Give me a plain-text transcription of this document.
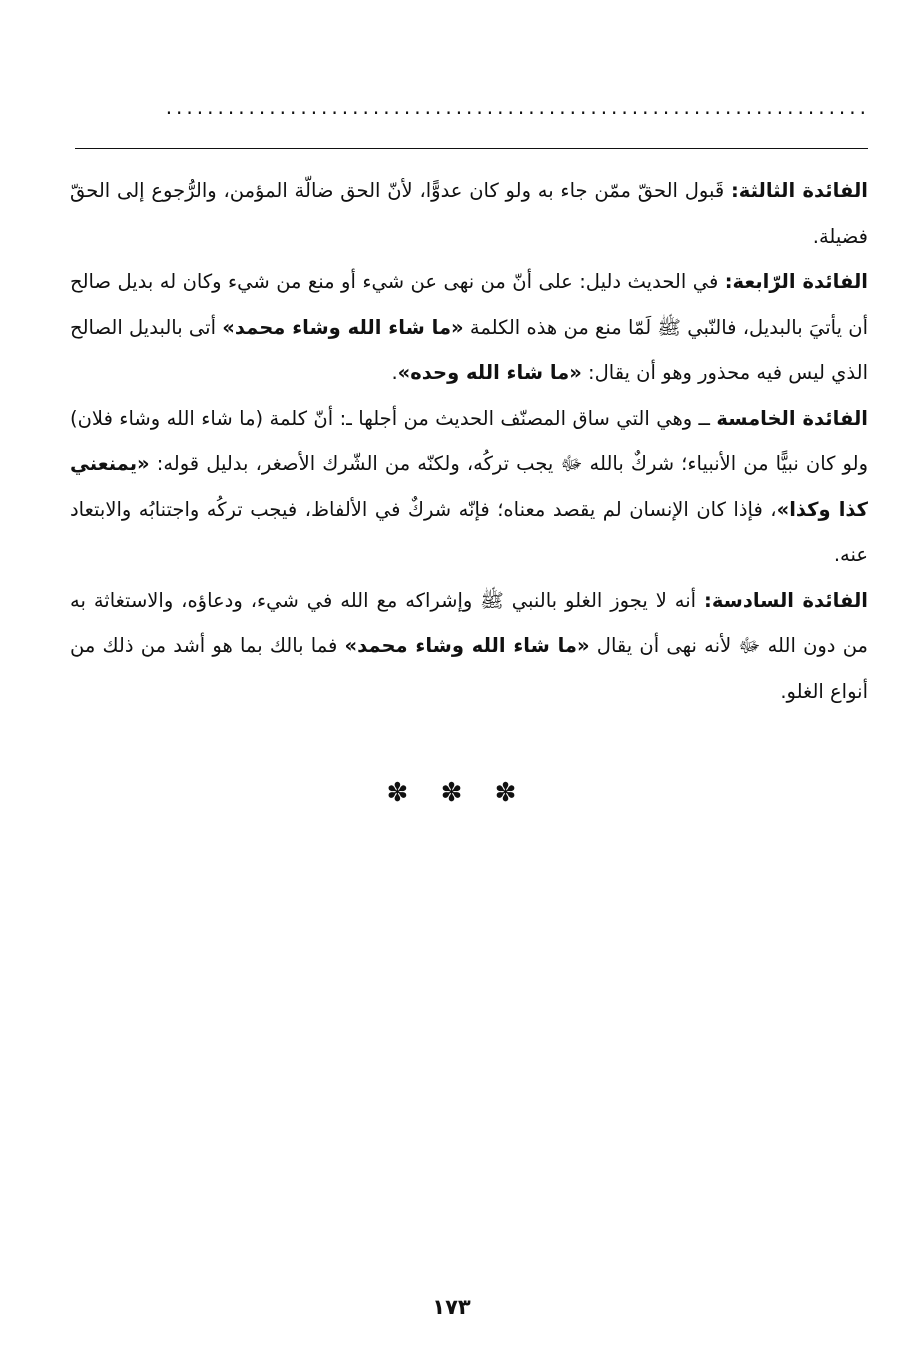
....................................................................

الفائدة الثالثة: قَبول الحقّ ممّن جاء به ولو كان عدوًّا، لأنّ الحق ضالّة المؤمن، والرُّجوع إلى الحقّ فضيلة.

الفائدة الرّابعة: في الحديث دليل: على أنّ من نهى عن شيء أو منع من شيء وكان له بديل صالح أن يأتيَ بالبديل، فالنّبي ﷺ لَمّا منع من هذه الكلمة «ما شاء الله وشاء محمد» أتى بالبديل الصالح الذي ليس فيه محذور وهو أن يقال: «ما شاء الله وحده».

الفائدة الخامسة ــ وهي التي ساق المصنّف الحديث من أجلها ـ: أنّ كلمة (ما شاء الله وشاء فلان) ولو كان نبيًّا من الأنبياء؛ شركٌ بالله ﷻ يجب تركُه، ولكنّه من الشّرك الأصغر، بدليل قوله: «يمنعني كذا وكذا»، فإذا كان الإنسان لم يقصد معناه؛ فإنّه شركٌ في الألفاظ، فيجب تركُه واجتنابُه والابتعاد عنه.

الفائدة السادسة: أنه لا يجوز الغلو بالنبي ﷺ وإشراكه مع الله في شيء، ودعاؤه، والاستغاثة به من دون الله ﷻ لأنه نهى أن يقال «ما شاء الله وشاء محمد» فما بالك بما هو أشد من ذلك من أنواع الغلو.

✽ ✽ ✽
١٧٣
